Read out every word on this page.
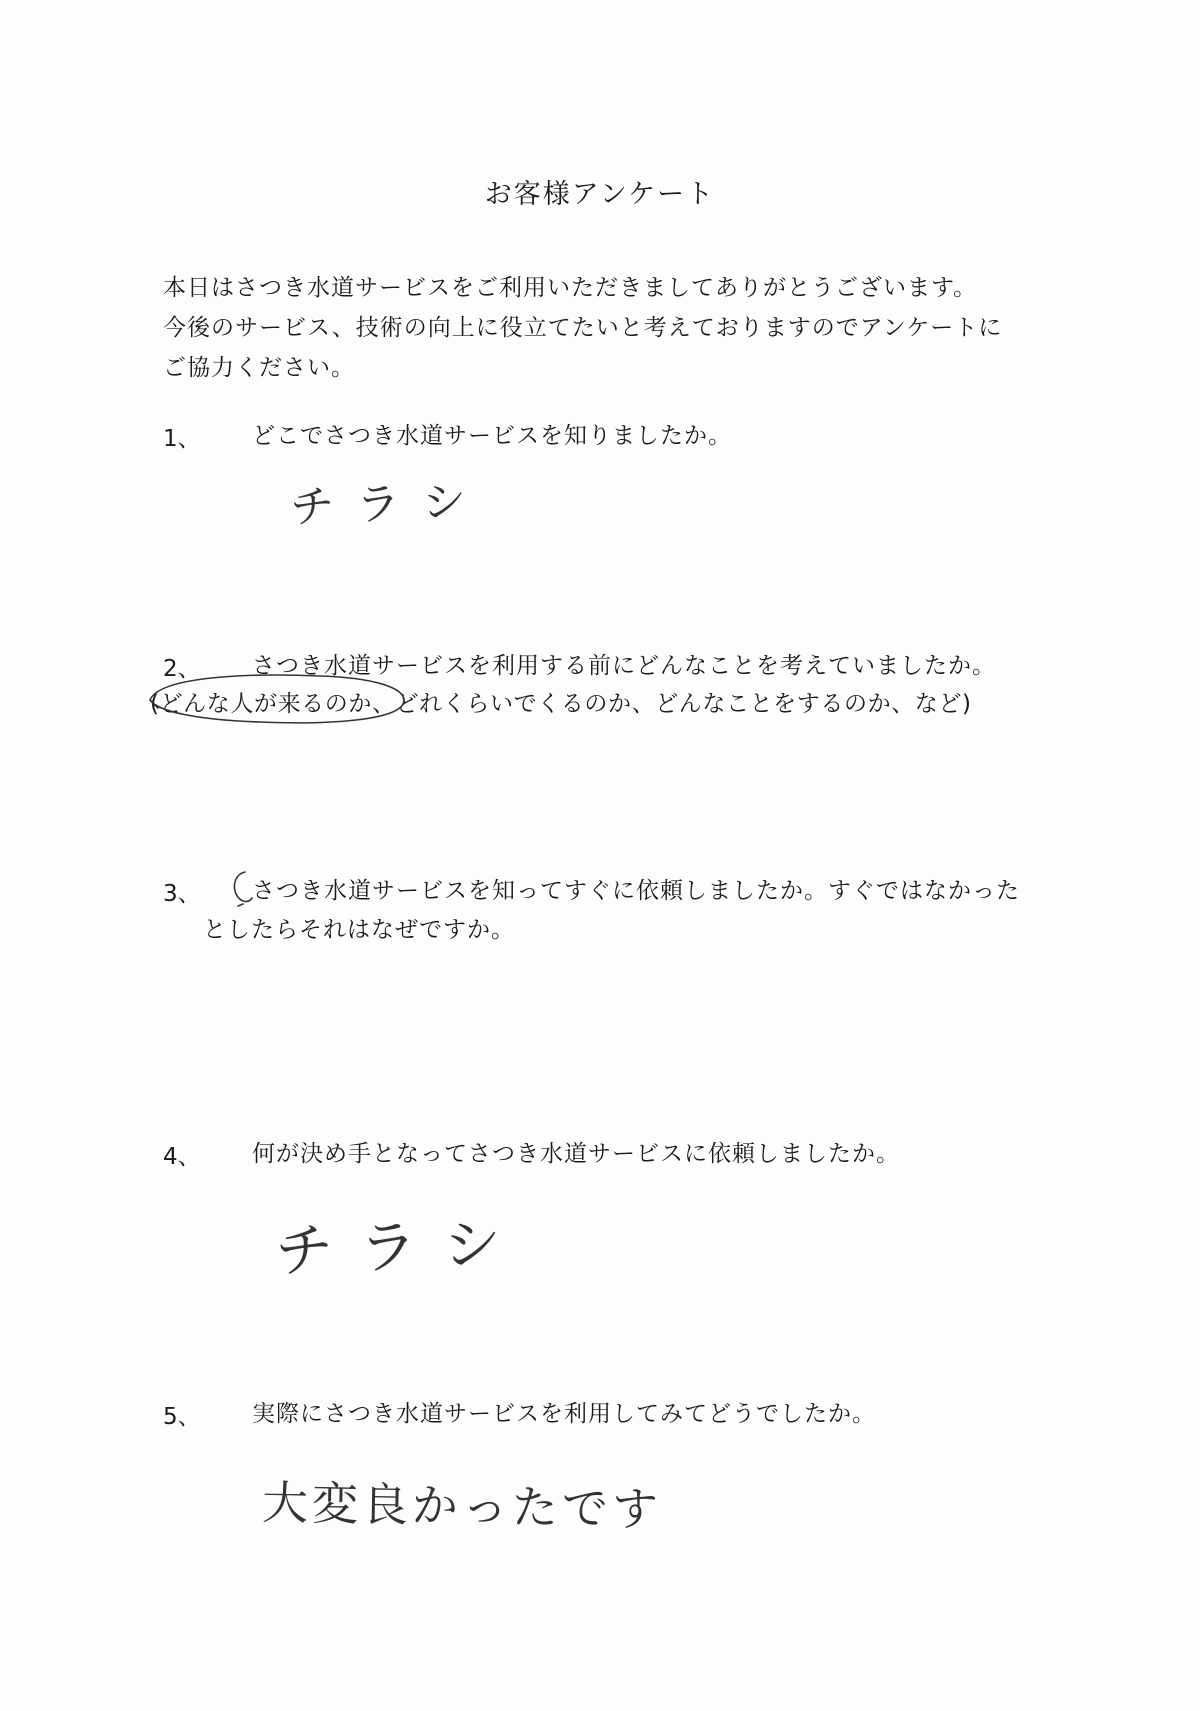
お客様アンケート
本日はさつき水道サービスをご利用いただきましてありがとうございます。
今後のサービス、技術の向上に役立てたいと考えておりますのでアンケートに
ご協力ください。
1、 どこでさつき水道サービスを知りましたか。
チラシ
2、 さつき水道サービスを利用する前にどんなことを考えていましたか。
(どんな人が来るのか、どれくらいでくるのか、どんなことをするのか、など)
3、 さつき水道サービスを知ってすぐに依頼しましたか。すぐではなかった
としたらそれはなぜですか。
4、 何が決め手となってさつき水道サービスに依頼しましたか。
チラシ
5、 実際にさつき水道サービスを利用してみてどうでしたか。
大変良かったです
